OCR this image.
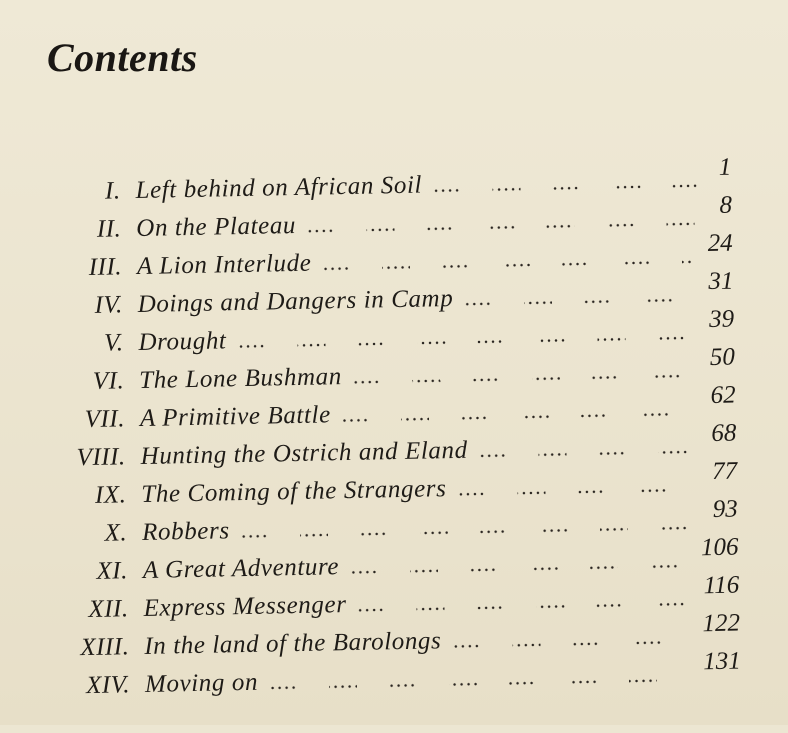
Contents
I . Left behind on African Soil
1
II . On the Plateau
8
III . A Lion Interlude
24
IV . Doings and Dangers in Camp
31
V . Drought
39
VI . The Lone Bushman
50
VII . A Primitive Battle
62
VIII . Hunting the Ostrich and Eland
68
IX . The Coming of the Strangers
77
X . Robbers
93
XI . A Great Adventure
106
XII . Express Messenger
116
XIII . In the land of the Barolongs
122
XIV . Moving on
131
